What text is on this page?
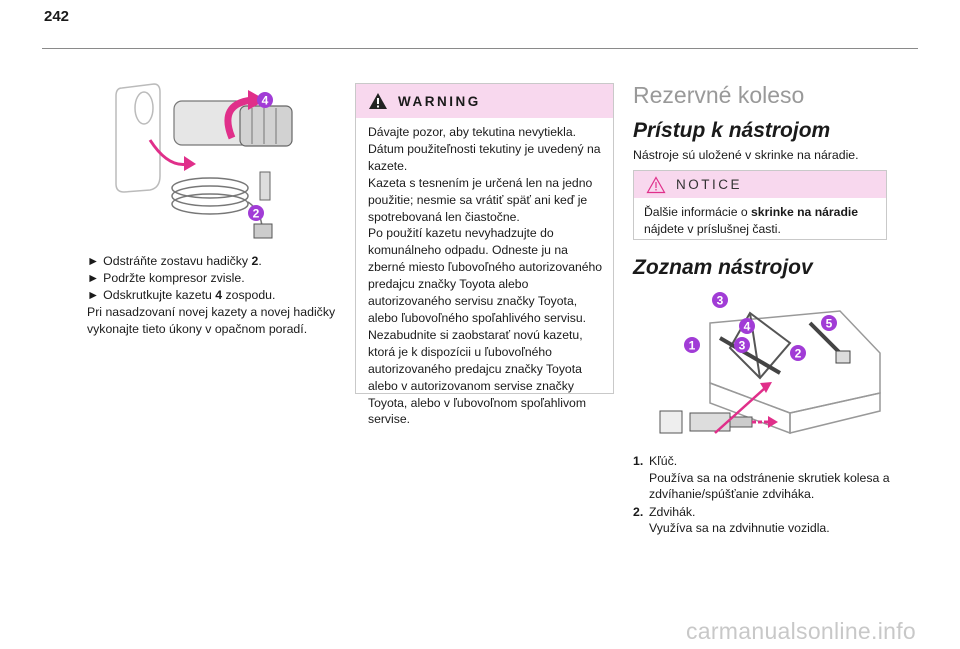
242
4
2

► Odstráňte zostavu hadičky 2.

► Podržte kompresor zvisle.

► Odskrutkujte kazetu 4 zospodu.

Pri nasadzovaní novej kazety a novej hadičky vykonajte tieto úkony v opačnom poradí.

WARNING
Dávajte pozor, aby tekutina nevytiekla.
Dátum použiteľnosti tekutiny je uvedený na kazete.
Kazeta s tesnením je určená len na jedno použitie; nesmie sa vrátiť späť ani keď je spotrebovaná len čiastočne.
Po použití kazetu nevyhadzujte do komunálneho odpadu. Odneste ju na zberné miesto ľubovoľného autorizovaného predajcu značky Toyota alebo autorizovaného servisu značky Toyota, alebo ľubovoľného spoľahlivého servisu.
Nezabudnite si zaobstarať novú kazetu, ktorá je k dispozícii u ľubovoľného autorizovaného predajcu značky Toyota alebo v autorizovanom servise značky Toyota, alebo v ľubovoľnom spoľahlivom servise.
Rezervné koleso
Prístup k nástrojom
Nástroje sú uložené v skrinke na náradie.
NOTICE
Ďalšie informácie o skrinke na náradie nájdete v príslušnej časti.
Zoznam nástrojov
3
4	5
1	3
2
1. Kľúč.
Používa sa na odstránenie skrutiek kolesa a zdvíhanie/spúšťanie zdviháka.
2. Zdvihák.
Využíva sa na zdvihnutie vozidla.
carmanualsonline.info
